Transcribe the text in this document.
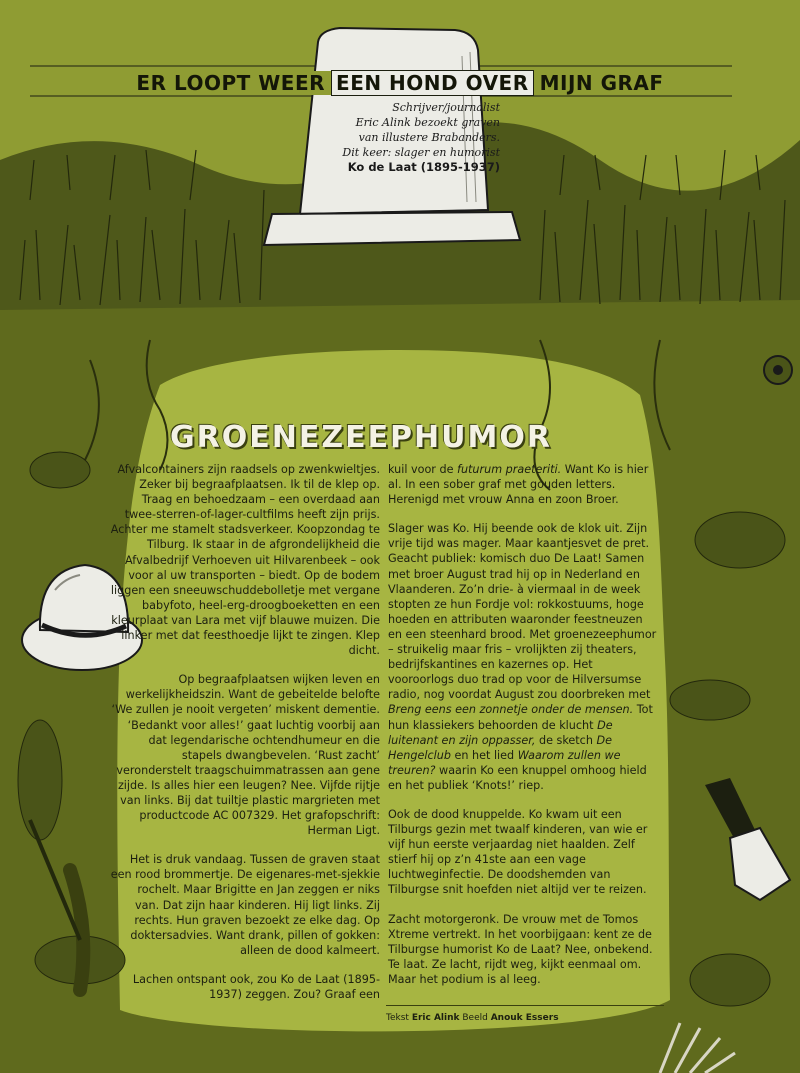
ER LOOPT WEER EEN HOND OVER MIJN GRAF
Schrijver/journalist
Eric Alink bezoekt graven
van illustere Brabanders.
Dit keer: slager en humorist
Ko de Laat (1895-1937)
GROENEZEEPHUMOR

Afvalcontainers zijn raadsels op zwenkwieltjes. Zeker bij begraafplaatsen. Ik til de klep op. Traag en behoedzaam – een overdaad aan twee-sterren-of-lager-cultfilms heeft zijn prijs. Achter me stamelt stadsverkeer. Koopzondag te Tilburg. Ik staar in de afgrondelijkheid die Afvalbedrijf Verhoeven uit Hilvarenbeek – ook voor al uw transporten – biedt. Op de bodem liggen een sneeuwschuddebolletje met vergane babyfoto, heel-erg-droogboeketten en een kleurplaat van Lara met vijf blauwe muizen. Die linker met dat feesthoedje lijkt te zingen. Klep dicht.

Op begraafplaatsen wijken leven en werkelijkheidszin. Want de gebeitelde belofte ‘We zullen je nooit vergeten’ miskent dementie. ‘Bedankt voor alles!’ gaat luchtig voorbij aan dat legendarische ochtendhumeur en die stapels dwangbevelen. ‘Rust zacht’ veronderstelt traagschuimmatrassen aan gene zijde. Is alles hier een leugen? Nee. Vijfde rijtje van links. Bij dat tuiltje plastic margrieten met productcode AC 007329. Het grafopschrift: Herman Ligt.

Het is druk vandaag. Tussen de graven staat een rood brommertje. De eigenares-met-sjekkie rochelt. Maar Brigitte en Jan zeggen er niks van. Dat zijn haar kinderen. Hij ligt links. Zij rechts. Hun graven bezoekt ze elke dag. Op doktersadvies. Want drank, pillen of gokken: alleen de dood kalmeert.

Lachen ontspant ook, zou Ko de Laat (1895-1937) zeggen. Zou? Graaf een

kuil voor de futurum praeteriti. Want Ko is hier al. In een sober graf met gouden letters. Herenigd met vrouw Anna en zoon Broer.

Slager was Ko. Hij beende ook de klok uit. Zijn vrije tijd was mager. Maar kaantjesvet de pret. Geacht publiek: komisch duo De Laat! Samen met broer August trad hij op in Nederland en Vlaanderen. Zo’n drie- à viermaal in de week stopten ze hun Fordje vol: rokkostuums, hoge hoeden en attributen waaronder feestneuzen en een steenhard brood. Met groenezeephumor – struikelig maar fris – vrolijkten zij theaters, bedrijfskantines en kazernes op. Het vooroorlogs duo trad op voor de Hilversumse radio, nog voordat August zou doorbreken met Breng eens een zonnetje onder de mensen. Tot hun klassiekers behoorden de klucht De luitenant en zijn oppasser, de sketch De Hengelclub en het lied Waarom zullen we treuren? waarin Ko een knuppel omhoog hield en het publiek ‘Knots!’ riep.

Ook de dood knuppelde. Ko kwam uit een Tilburgs gezin met twaalf kinderen, van wie er vijf hun eerste verjaardag niet haalden. Zelf stierf hij op z’n 41ste aan een vage luchtweginfectie. De doodshemden van Tilburgse snit hoefden niet altijd ver te reizen.

Zacht motorgeronk. De vrouw met de Tomos Xtreme vertrekt. In het voorbijgaan: kent ze de Tilburgse humorist Ko de Laat? Nee, onbekend. Te laat. Ze lacht, rijdt weg, kijkt eenmaal om. Maar het podium is al leeg.

Tekst Eric Alink Beeld Anouk Essers
